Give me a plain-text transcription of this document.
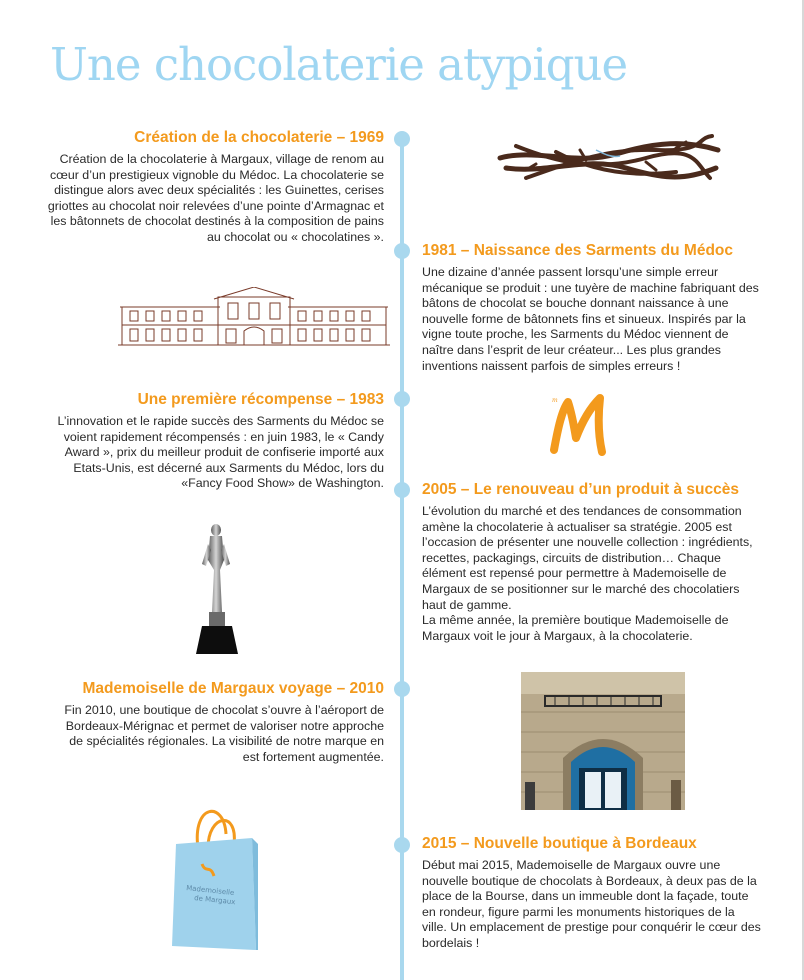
Une chocolaterie atypique
Création de la chocolaterie – 1969

Création de la chocolaterie à Margaux, village de renom au cœur d’un prestigieux vignoble du Médoc. La chocolaterie se distingue alors avec deux spécialités : les Guinettes, cerises griottes au chocolat noir relevées d’une pointe d’Armagnac et les bâtonnets de chocolat destinés à la composition de pains au chocolat ou « chocolatines ».

1981 – Naissance des Sarments du Médoc

Une dizaine d’année passent lorsqu’une simple erreur mécanique se produit : une tuyère de machine fabriquant des bâtons de chocolat se bouche donnant naissance à une nouvelle forme de bâtonnets fins et sinueux. Inspirés par la vigne toute proche, les Sarments du Médoc viennent de naître dans l’esprit de leur créateur... Les plus grandes inventions naissent parfois de simples erreurs !

Une première récompense – 1983

L’innovation et le rapide succès des Sarments du Médoc se voient rapidement récompensés : en juin 1983, le « Candy Award », prix du meilleur produit de confiserie importé aux Etats-Unis, est décerné aux Sarments du Médoc, lors du «Fancy Food Show» de Washington. 2005 – Le renouveau d’un produit à succès

L’évolution du marché et des tendances de consommation amène la chocolaterie à actualiser sa stratégie. 2005 est l’occasion de présenter une nouvelle collection : ingrédients, recettes, packagings, circuits de distribution… Chaque élément est repensé pour permettre à Mademoiselle de Margaux de se positionner sur le marché des chocolatiers haut de gamme.

La même année, la première boutique Mademoiselle de Margaux voit le jour à Margaux, à la chocolaterie.

Mademoiselle de Margaux voyage – 2010

Fin 2010, une boutique de chocolat s’ouvre à l’aéroport de Bordeaux-Mérignac et permet de valoriser notre approche de spécialités régionales. La visibilité de notre marque en est fortement augmentée.

2015 – Nouvelle boutique à Bordeaux

Début mai 2015, Mademoiselle de Margaux ouvre une nouvelle boutique de chocolats à Bordeaux, à deux pas de la place de la Bourse, dans un immeuble dont la façade, toute en rondeur, figure parmi les monuments historiques de la ville. Un emplacement de prestige pour conquérir le cœur des bordelais !

m
Mademoiselle
de Margaux
